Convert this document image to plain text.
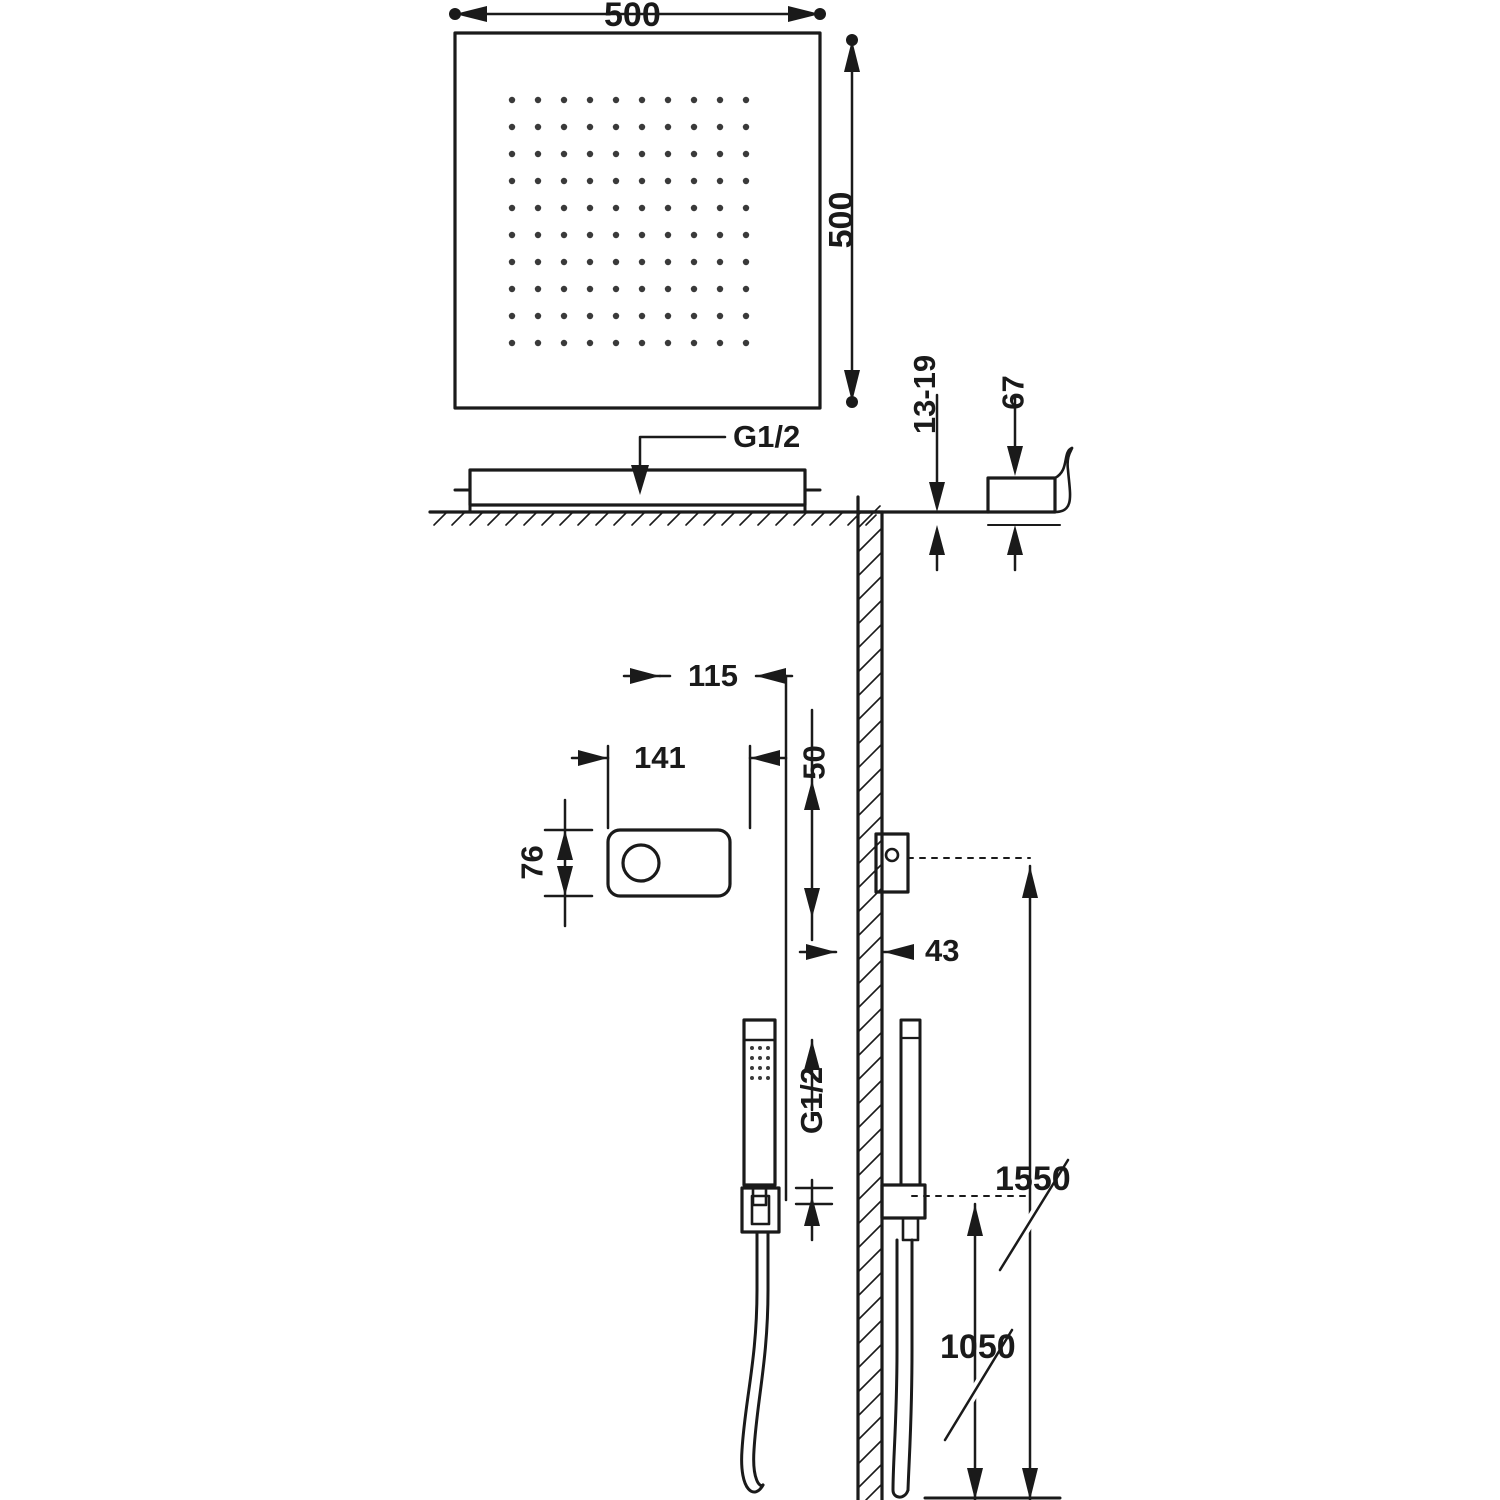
500
500
G1/2
13-19 67
115
141
76
50
43
G1/2
1550
1050
